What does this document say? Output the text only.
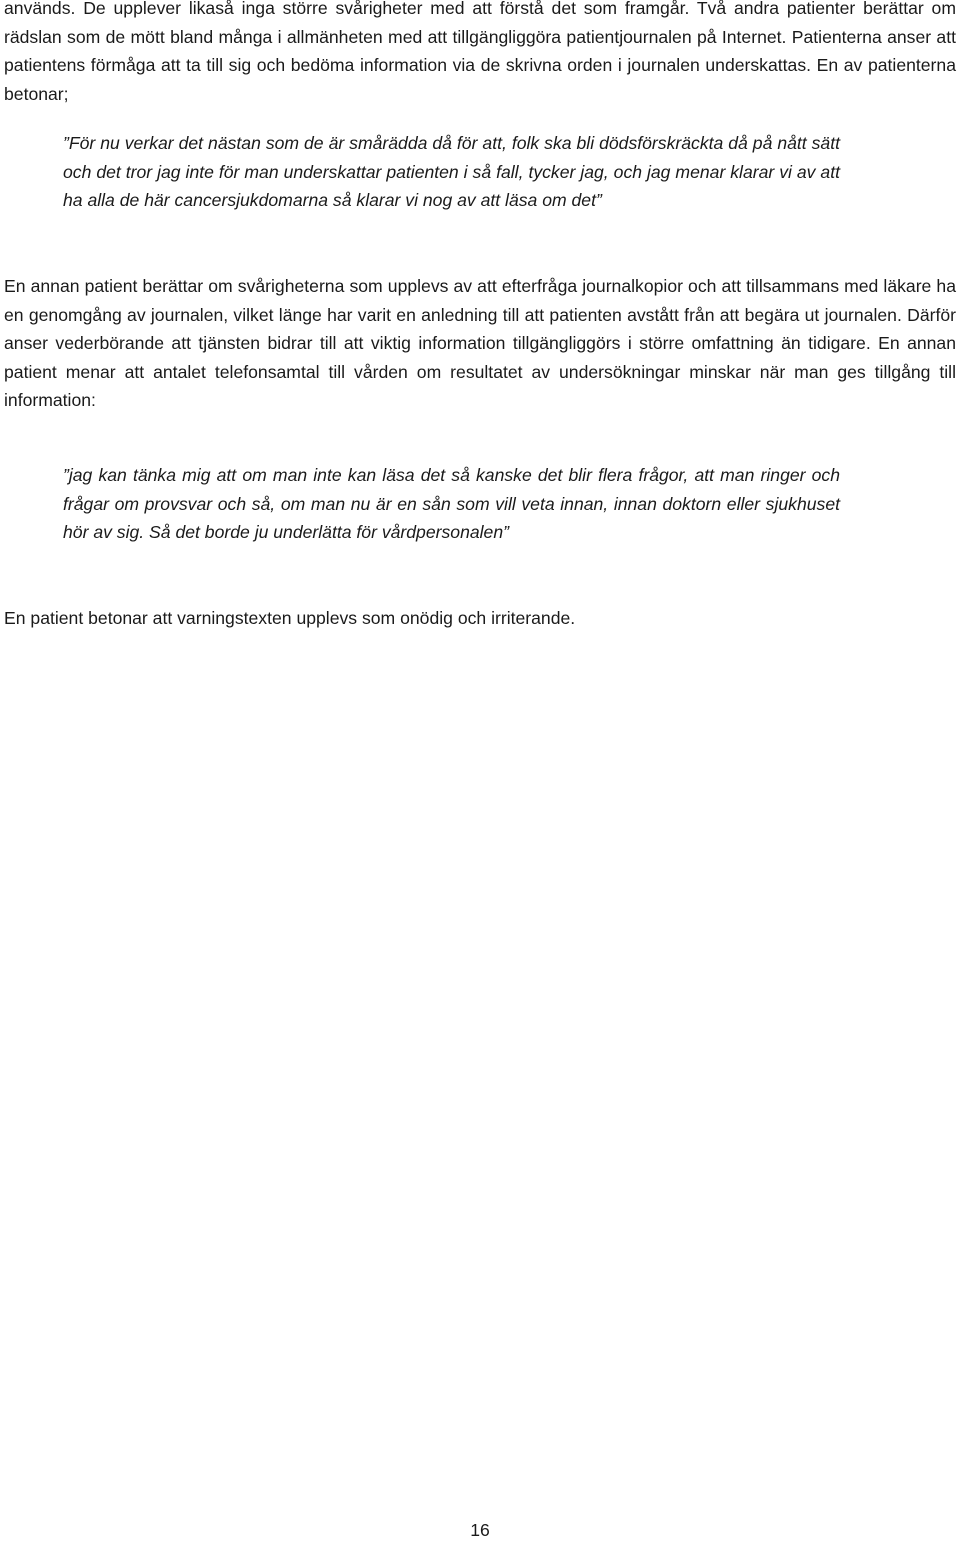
används. De upplever likaså inga större svårigheter med att förstå det som framgår. Två andra patienter berättar om rädslan som de mött bland många i allmänheten med att tillgängliggöra patientjournalen på Internet. Patienterna anser att patientens förmåga att ta till sig och bedöma information via de skrivna orden i journalen underskattas. En av patienterna betonar;

”För nu verkar det nästan som de är smårädda då för att, folk ska bli dödsförskräckta då på nått sätt och det tror jag inte för man underskattar patienten i så fall, tycker jag, och jag menar klarar vi av att ha alla de här cancersjukdomarna så klarar vi nog av att läsa om det”

En annan patient berättar om svårigheterna som upplevs av att efterfråga journalkopior och att tillsammans med läkare ha en genomgång av journalen, vilket länge har varit en anledning till att patienten avstått från att begära ut journalen. Därför anser vederbörande att tjänsten bidrar till att viktig information tillgängliggörs i större omfattning än tidigare. En annan patient menar att antalet telefonsamtal till vården om resultatet av undersökningar minskar när man ges tillgång till information:

”jag kan tänka mig att om man inte kan läsa det så kanske det blir flera frågor, att man ringer och frågar om provsvar och så, om man nu är en sån som vill veta innan, innan doktorn eller sjukhuset hör av sig. Så det borde ju underlätta för vårdpersonalen”

En patient betonar att varningstexten upplevs som onödig och irriterande.

16
